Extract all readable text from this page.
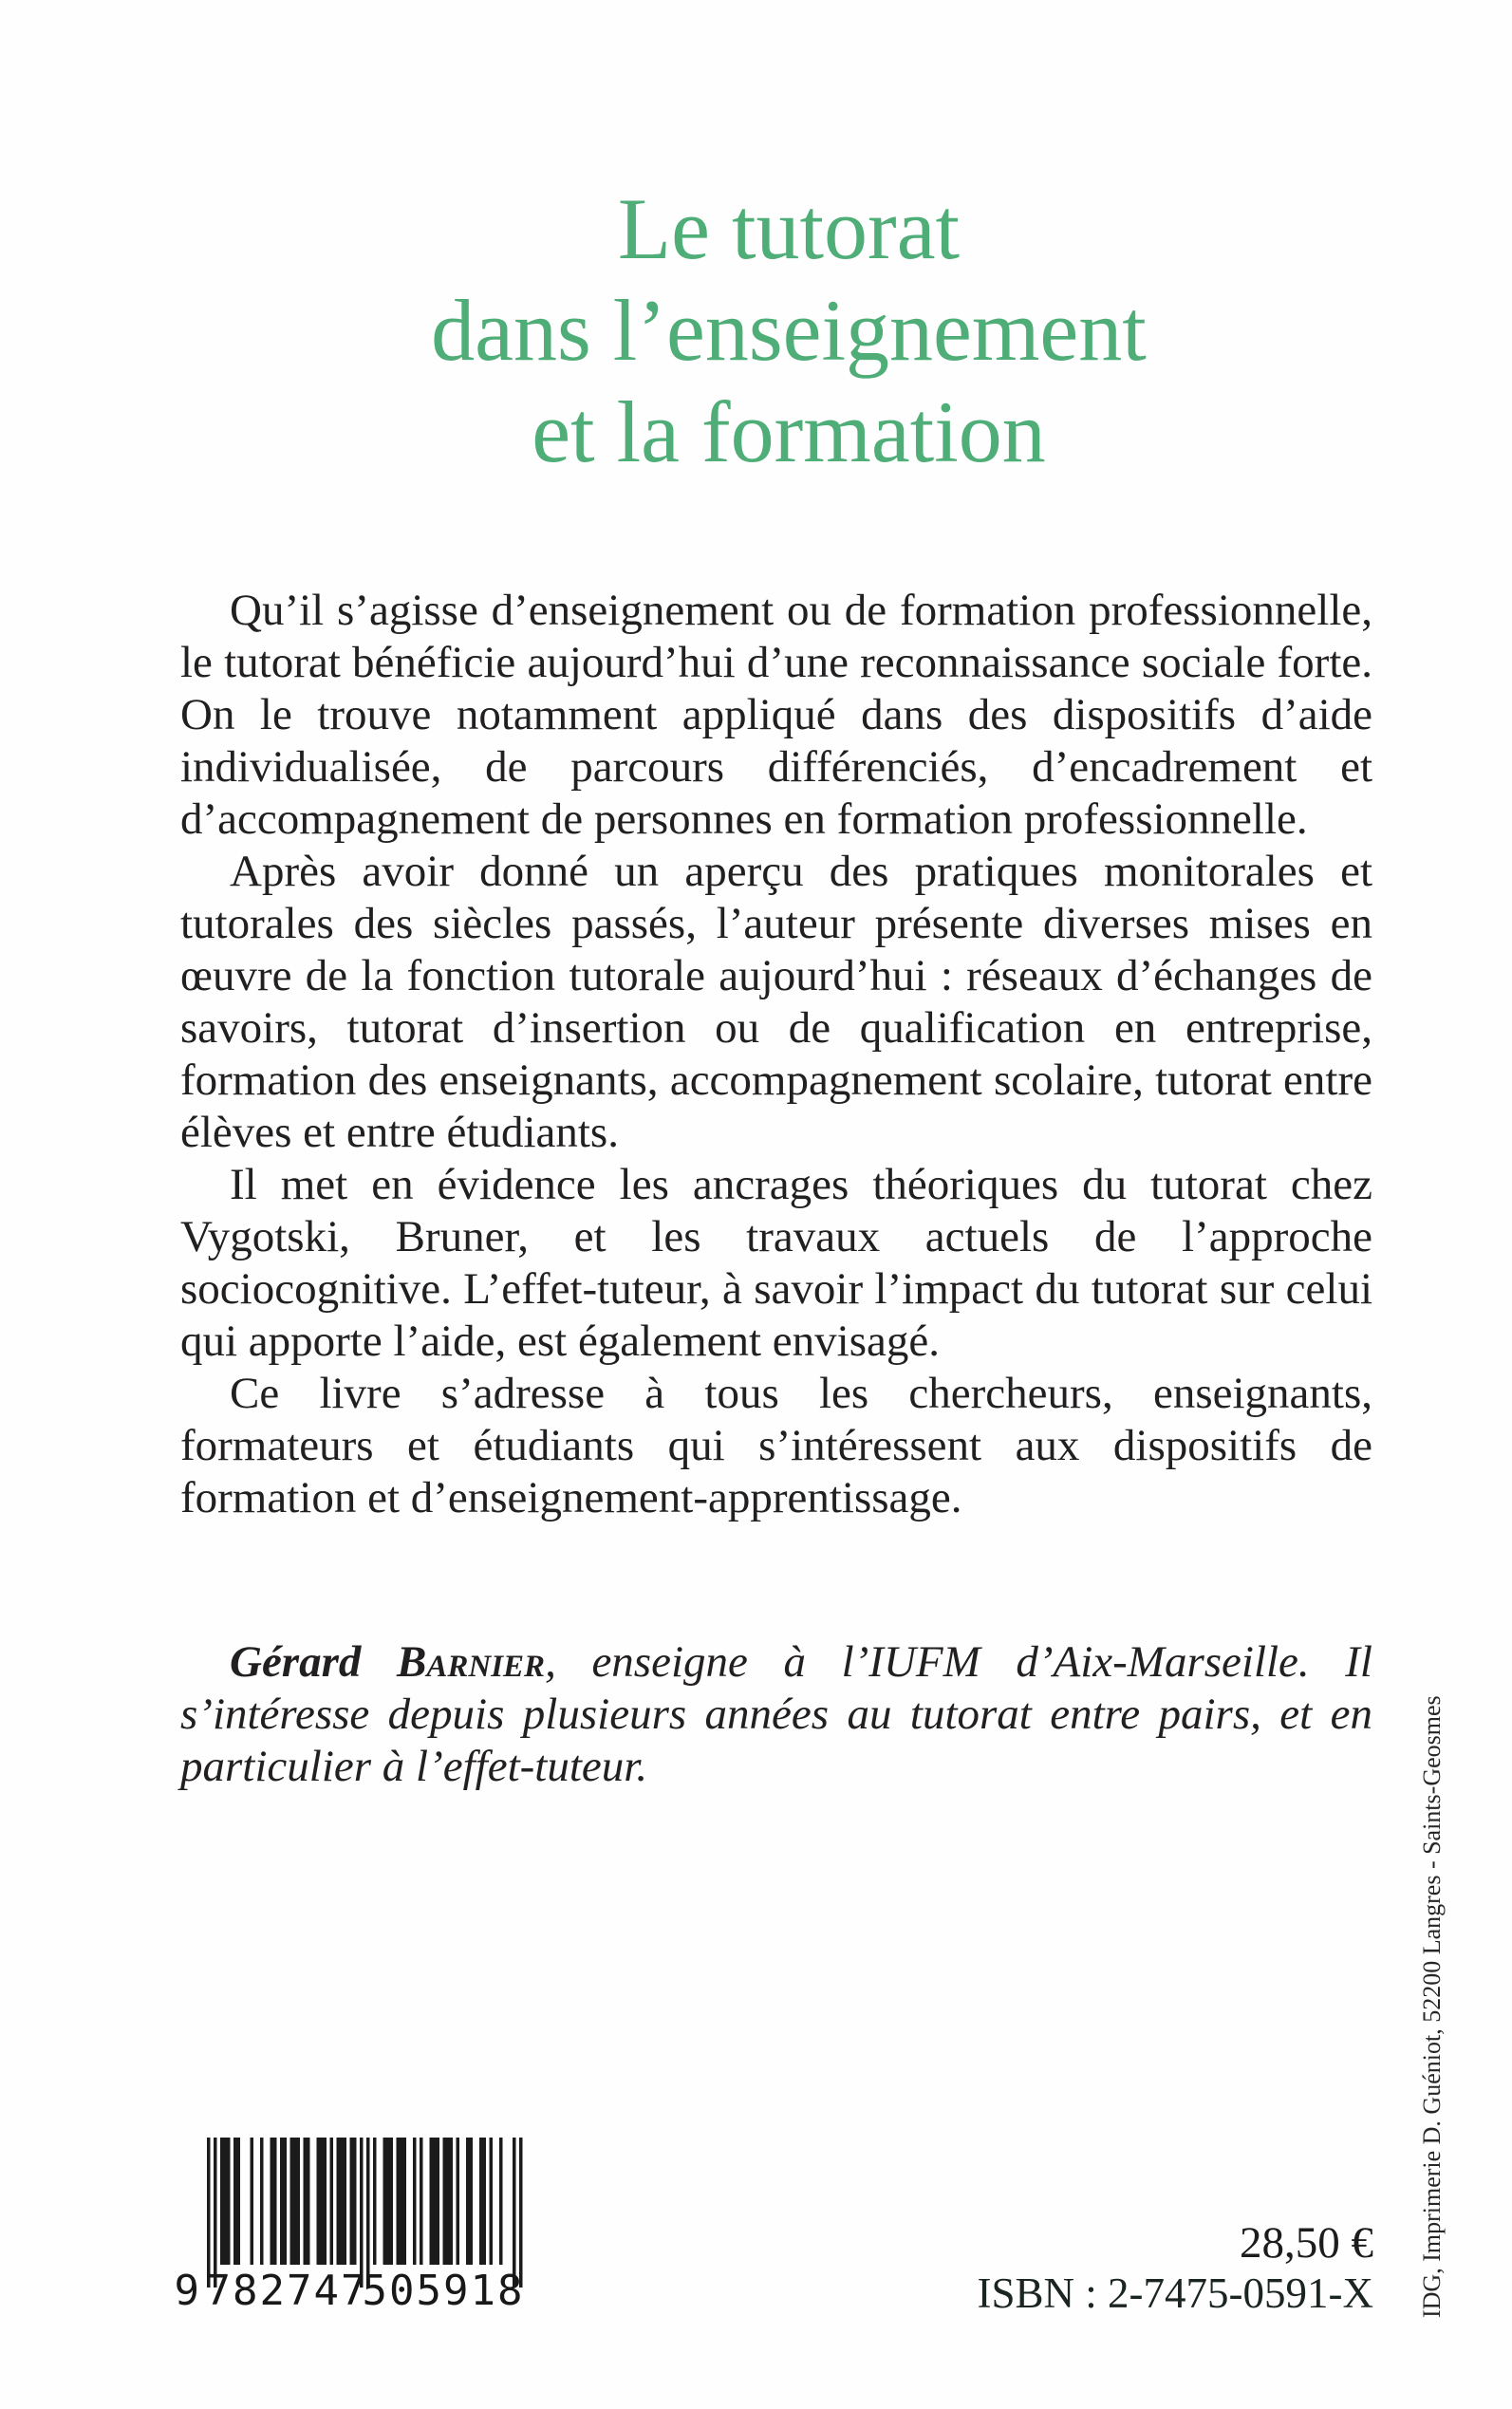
Le tutorat
dans l’enseignement
et la formation

Qu’il s’agisse d’enseignement ou de formation professionnelle, le tutorat bénéficie aujourd’hui d’une reconnaissance sociale forte. On le trouve notamment appliqué dans des dispositifs d’aide individualisée, de parcours différenciés, d’encadrement et d’accompagnement de personnes en formation professionnelle.

Après avoir donné un aperçu des pratiques monitorales et tutorales des siècles passés, l’auteur présente diverses mises en œuvre de la fonction tutorale aujourd’hui : réseaux d’échanges de savoirs, tutorat d’insertion ou de qualification en entreprise, formation des enseignants, accompagnement scolaire, tutorat entre élèves et entre étudiants.

Il met en évidence les ancrages théoriques du tutorat chez Vygotski, Bruner, et les travaux actuels de l’approche sociocognitive. L’effet-tuteur, à savoir l’impact du tutorat sur celui qui apporte l’aide, est également envisagé.

Ce livre s’adresse à tous les chercheurs, enseignants, formateurs et étudiants qui s’intéressent aux dispositifs de formation et d’enseignement-apprentissage.

Gérard Barnier, enseigne à l’IUFM d’Aix-Marseille. Il s’intéresse depuis plusieurs années au tutorat entre pairs, et en particulier à l’effet-tuteur.
9 782747
505918
28,50 €
ISBN : 2-7475-0591-X IDG, Imprimerie D. Guéniot, 52200 Langres - Saints-Geosmes
